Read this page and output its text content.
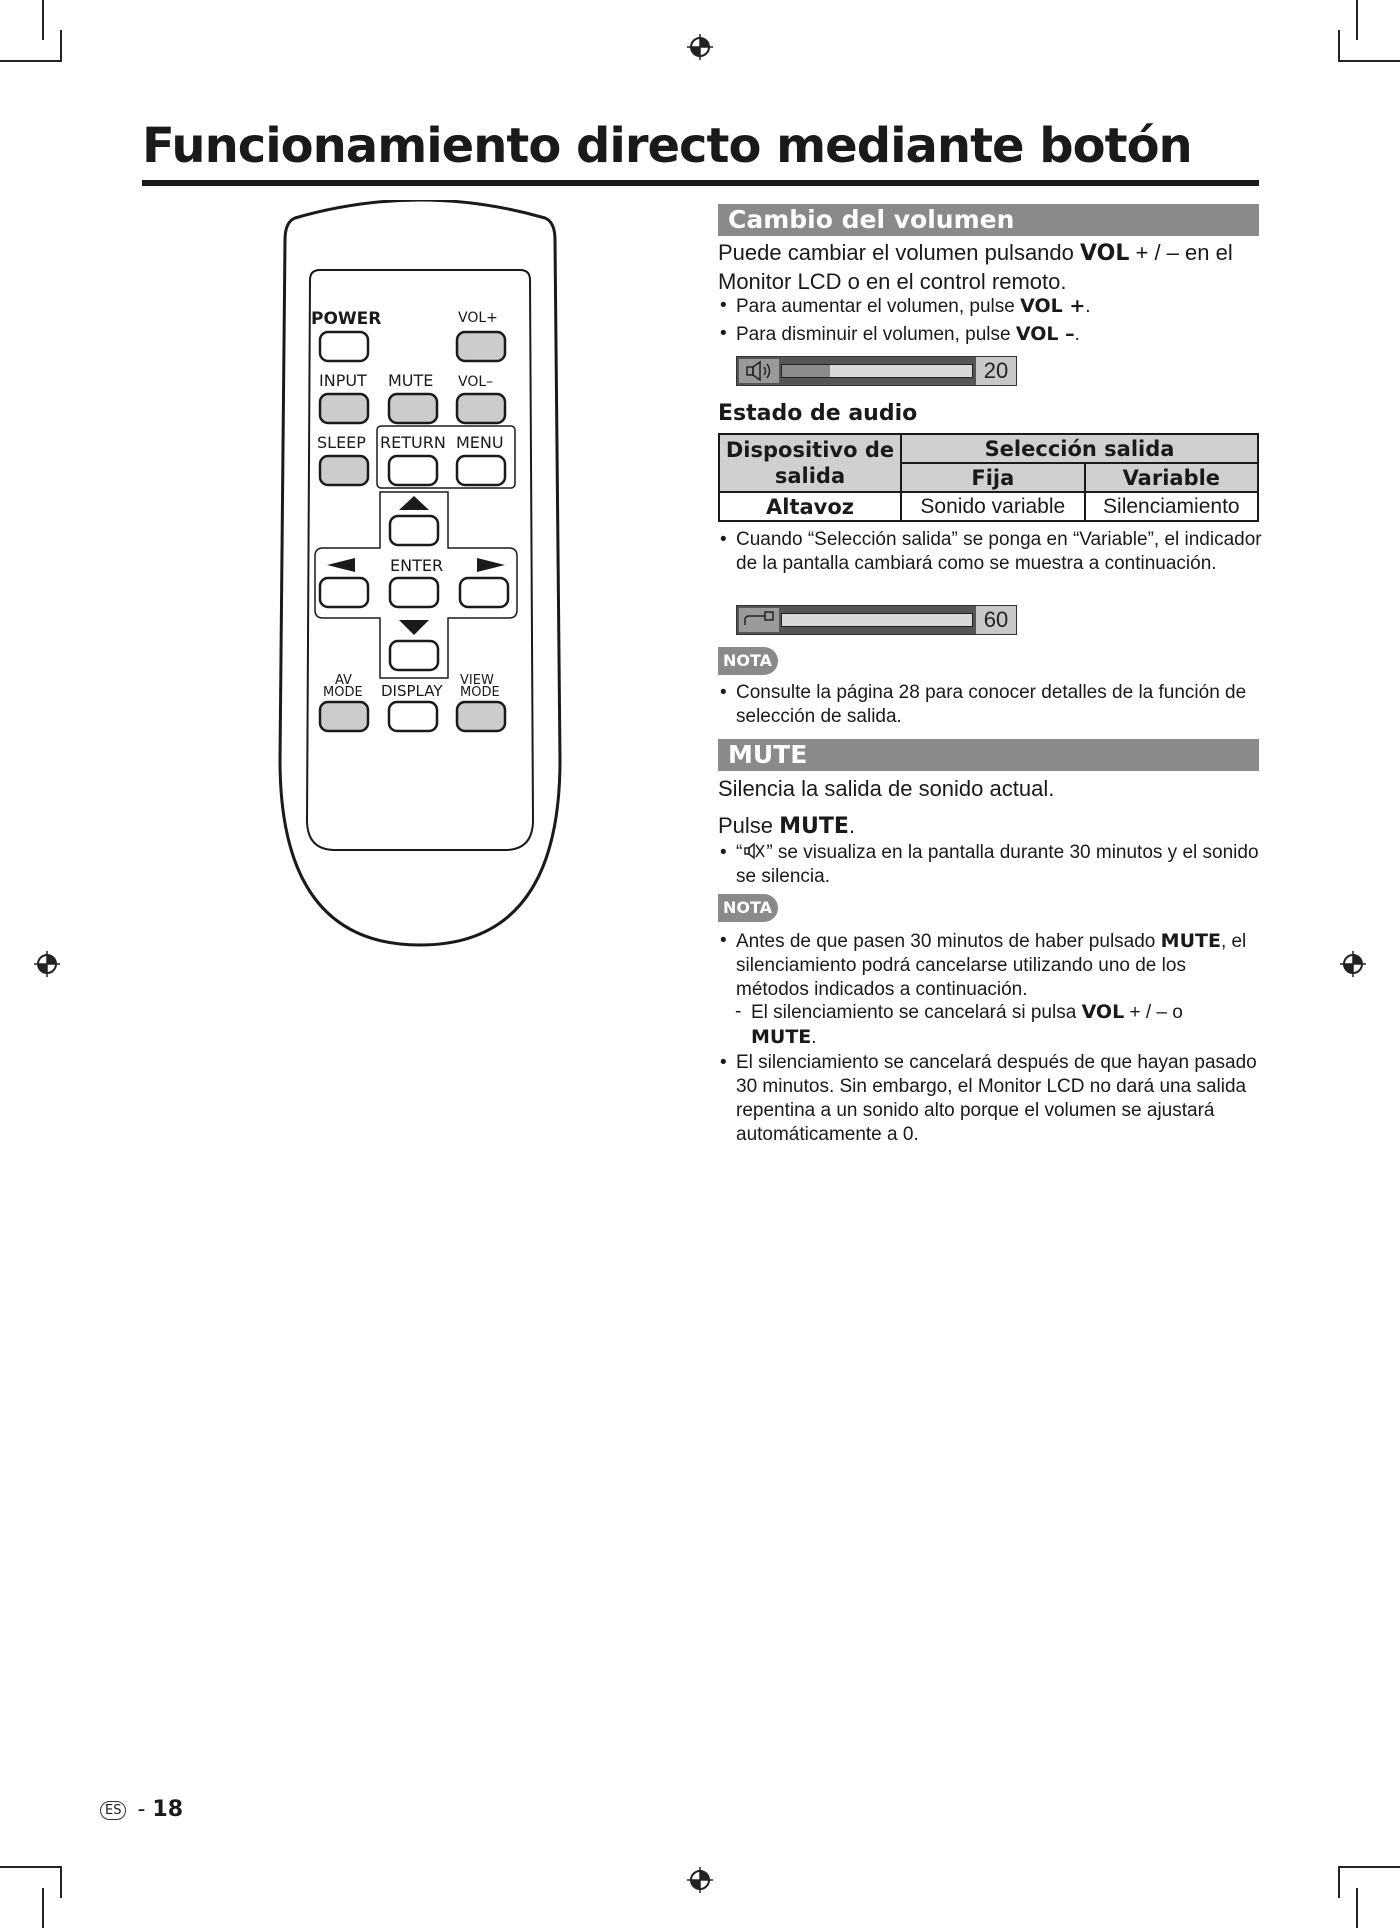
Funcionamiento directo mediante botón
POWER	VOL+
INPUT MUTE VOL–
SLEEP RETURN MENU
ENTER
AV
MODE DISPLAY
VIEW
MODE
Cambio del volumen
Puede cambiar el volumen pulsando VOL + / – en el Monitor LCD o en el control remoto.
• Para aumentar el volumen, pulse VOL +.
• Para disminuir el volumen, pulse VOL –.
20
Estado de audio
Dispositivo de salida	Selección salida	
	Fija	Variable
Altavoz	Sonido variable	Silenciamiento
• Cuando “Selección salida” se ponga en “Variable”, el indicador de la pantalla cambiará como se muestra a continuación.
60
NOTA
• Consulte la página 28 para conocer detalles de la función de selección de salida.
MUTE
Silencia la salida de sonido actual.
Pulse MUTE.
• “ ” se visualiza en la pantalla durante 30 minutos y el sonido se silencia.
NOTA
• Antes de que pasen 30 minutos de haber pulsado MUTE, el silenciamiento podrá cancelarse utilizando uno de los métodos indicados a continuación.
- El silenciamiento se cancelará si pulsa VOL + / – o
MUTE.
• El silenciamiento se cancelará después de que hayan pasado 30 minutos. Sin embargo, el Monitor LCD no dará una salida repentina a un sonido alto porque el volumen se ajustará automáticamente a 0.
ES - 18
